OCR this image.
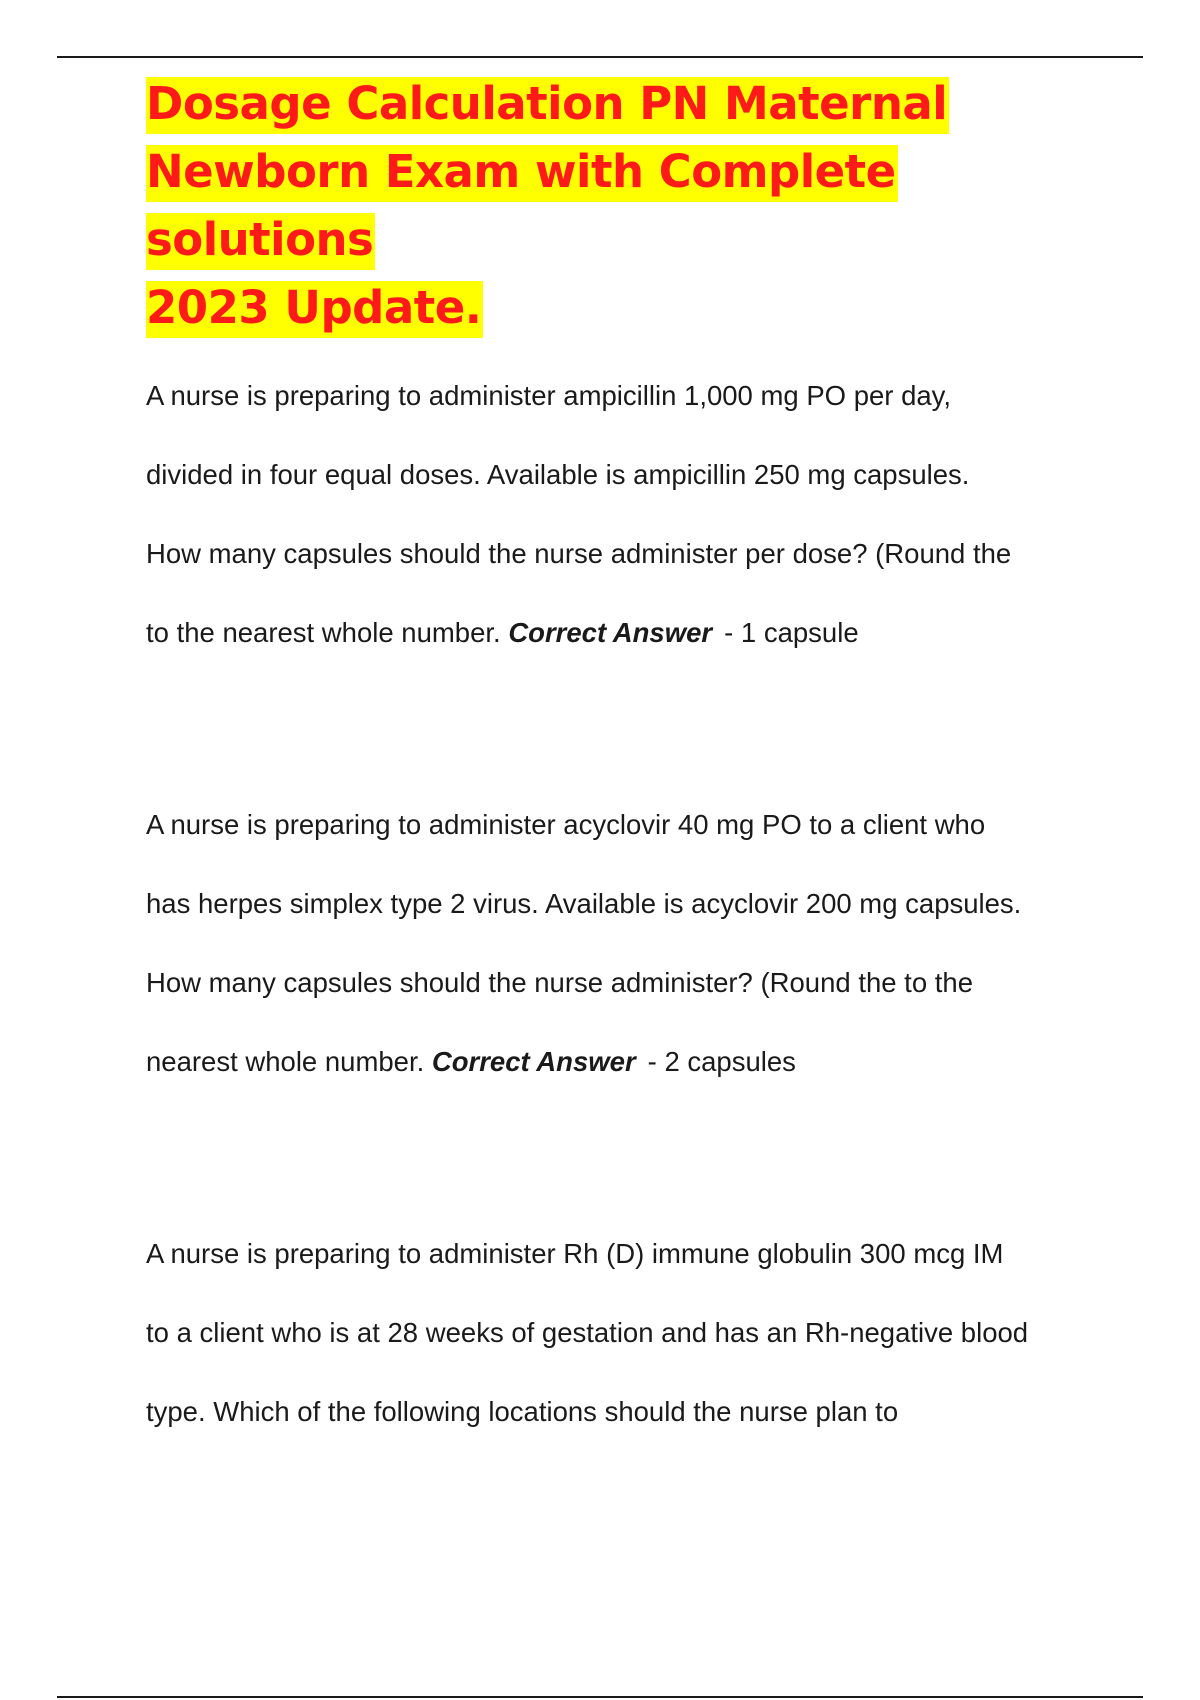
Dosage Calculation PN Maternal
Newborn Exam with Complete solutions
2023 Update.

A nurse is preparing to administer ampicillin 1,000 mg PO per day,
divided in four equal doses. Available is ampicillin 250 mg capsules.
How many capsules should the nurse administer per dose? (Round the
to the nearest whole number. Correct Answer - 1 capsule

A nurse is preparing to administer acyclovir 40 mg PO to a client who
has herpes simplex type 2 virus. Available is acyclovir 200 mg capsules.
How many capsules should the nurse administer? (Round the to the
nearest whole number. Correct Answer - 2 capsules

A nurse is preparing to administer Rh (D) immune globulin 300 mcg IM
to a client who is at 28 weeks of gestation and has an Rh-negative blood
type. Which of the following locations should the nurse plan to
